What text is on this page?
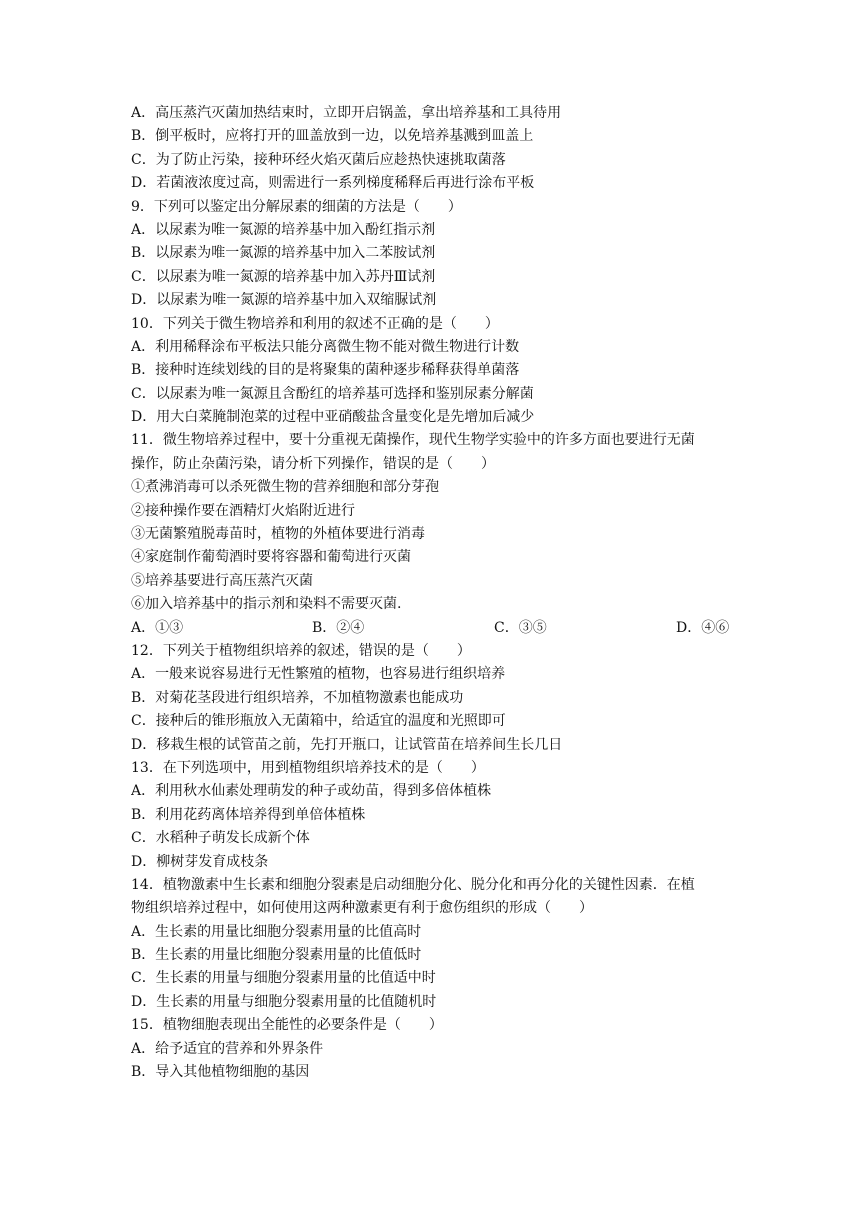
A．高压蒸汽灭菌加热结束时，立即开启锅盖，拿出培养基和工具待用
B．倒平板时，应将打开的皿盖放到一边，以免培养基溅到皿盖上
C．为了防止污染，接种环经火焰灭菌后应趁热快速挑取菌落
D．若菌液浓度过高，则需进行一系列梯度稀释后再进行涂布平板
9．下列可以鉴定出分解尿素的细菌的方法是（　　）
A．以尿素为唯一氮源的培养基中加入酚红指示剂
B．以尿素为唯一氮源的培养基中加入二苯胺试剂
C．以尿素为唯一氮源的培养基中加入苏丹Ⅲ试剂
D．以尿素为唯一氮源的培养基中加入双缩脲试剂
10．下列关于微生物培养和利用的叙述不正确的是（　　）
A．利用稀释涂布平板法只能分离微生物不能对微生物进行计数
B．接种时连续划线的目的是将聚集的菌种逐步稀释获得单菌落
C．以尿素为唯一氮源且含酚红的培养基可选择和鉴别尿素分解菌
D．用大白菜腌制泡菜的过程中亚硝酸盐含量变化是先增加后减少
11．微生物培养过程中，要十分重视无菌操作，现代生物学实验中的许多方面也要进行无菌
操作，防止杂菌污染，请分析下列操作，错误的是（　　）
①煮沸消毒可以杀死微生物的营养细胞和部分芽孢
②接种操作要在酒精灯火焰附近进行
③无菌繁殖脱毒苗时，植物的外植体要进行消毒
④家庭制作葡萄酒时要将容器和葡萄进行灭菌
⑤培养基要进行高压蒸汽灭菌
⑥加入培养基中的指示剂和染料不需要灭菌.
A．①③	B．②④	C．③⑤	D．④⑥
12．下列关于植物组织培养的叙述，错误的是（　　）
A．一般来说容易进行无性繁殖的植物，也容易进行组织培养
B．对菊花茎段进行组织培养，不加植物激素也能成功
C．接种后的锥形瓶放入无菌箱中，给适宜的温度和光照即可
D．移栽生根的试管苗之前，先打开瓶口，让试管苗在培养间生长几日
13．在下列选项中，用到植物组织培养技术的是（　　）
A．利用秋水仙素处理萌发的种子或幼苗，得到多倍体植株
B．利用花药离体培养得到单倍体植株
C．水稻种子萌发长成新个体
D．柳树芽发育成枝条
14．植物激素中生长素和细胞分裂素是启动细胞分化、脱分化和再分化的关键性因素．在植
物组织培养过程中，如何使用这两种激素更有利于愈伤组织的形成（　　）
A．生长素的用量比细胞分裂素用量的比值高时
B．生长素的用量比细胞分裂素用量的比值低时
C．生长素的用量与细胞分裂素用量的比值适中时
D．生长素的用量与细胞分裂素用量的比值随机时
15．植物细胞表现出全能性的必要条件是（　　）
A．给予适宜的营养和外界条件
B．导入其他植物细胞的基因
